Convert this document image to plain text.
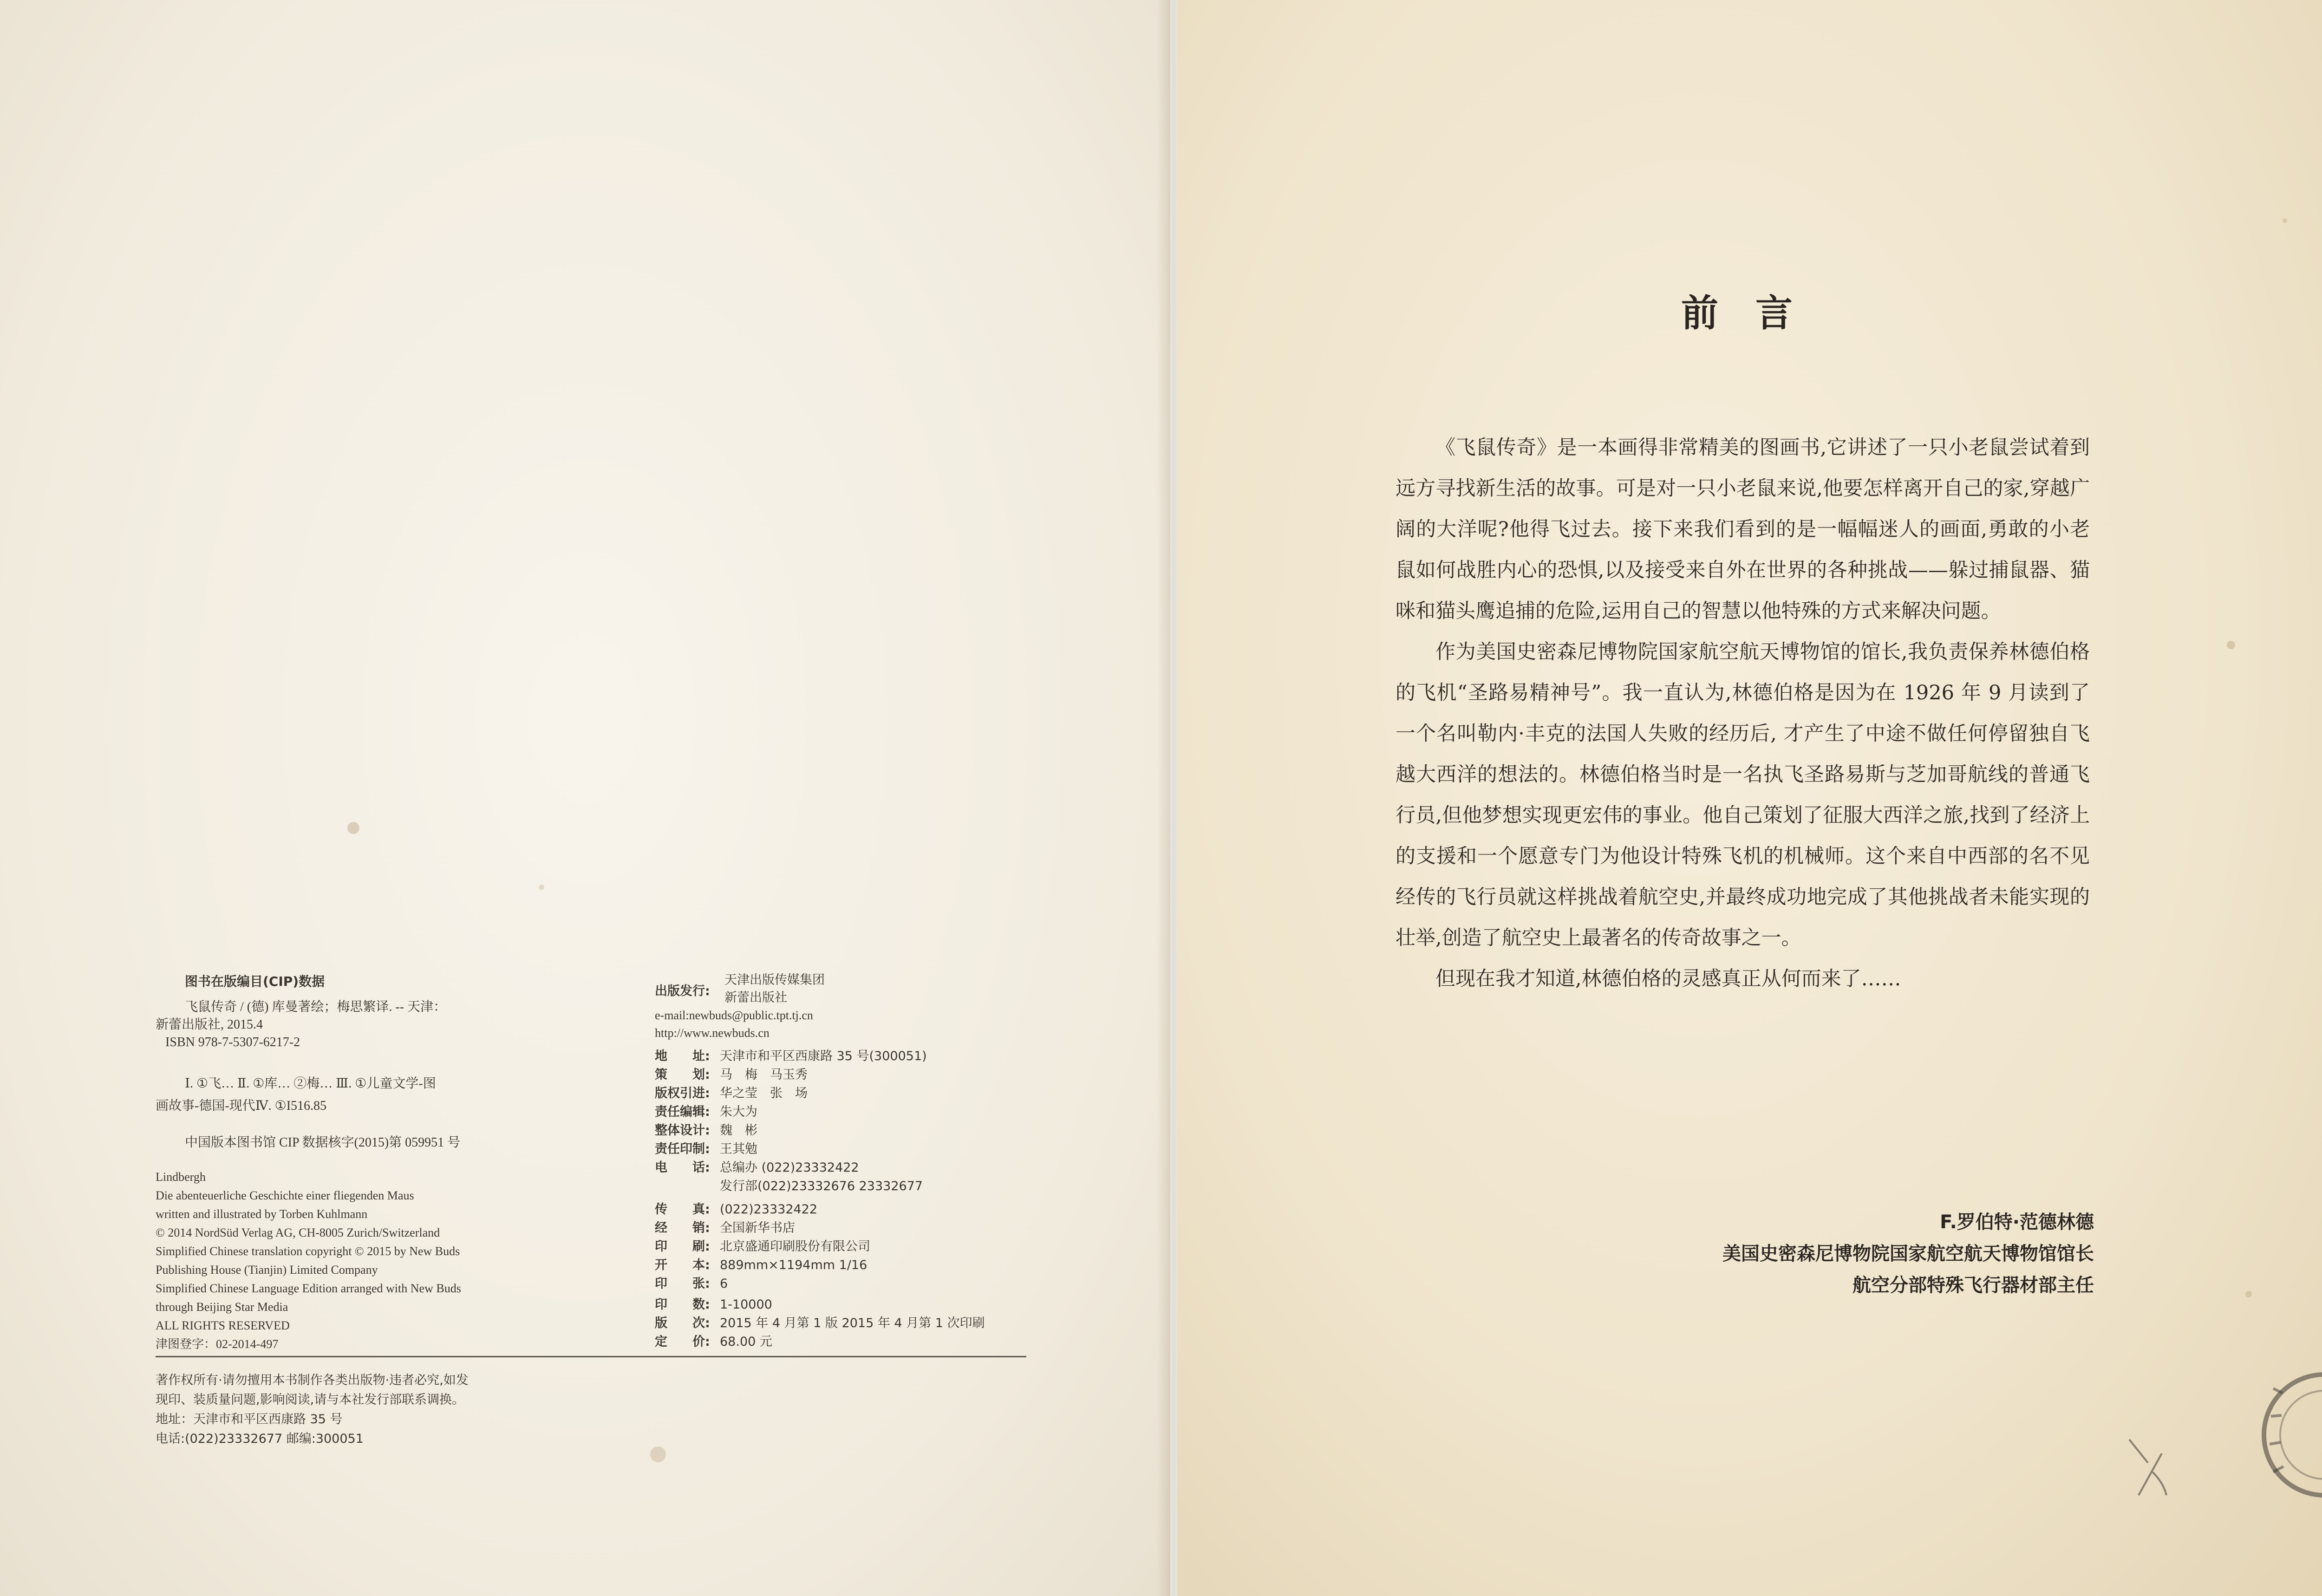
图书在版编目(CIP)数据
飞鼠传奇 / (德) 库曼著绘；梅思繁译. -- 天津：
新蕾出版社, 2015.4
ISBN 978-7-5307-6217-2
Ⅰ. ①飞… Ⅱ. ①库… ②梅… Ⅲ. ①儿童文学-图
画故事-德国-现代Ⅳ. ①I516.85
中国版本图书馆 CIP 数据核字(2015)第 059951 号
Lindbergh
Die abenteuerliche Geschichte einer fliegenden Maus
written and illustrated by Torben Kuhlmann
© 2014 NordSüd Verlag AG, CH-8005 Zurich/Switzerland
Simplified Chinese translation copyright © 2015 by New Buds
Publishing House (Tianjin) Limited Company
Simplified Chinese Language Edition arranged with New Buds
through Beijing Star Media
ALL RIGHTS RESERVED
津图登字：02-2014-497
出版发行:
天津出版传媒集团
新蕾出版社
e-mail:newbuds@public.tpt.tj.cn
http://www.newbuds.cn
地　　址: 天津市和平区西康路 35 号(300051)
策　　划: 马　梅　马玉秀
版权引进: 华之莹　张　场
责任编辑: 朱大为
整体设计: 魏　彬
责任印制: 王其勉
电　　话: 总编办 (022)23332422
发行部(022)23332676 23332677
传　　真: (022)23332422
经　　销: 全国新华书店
印　　刷: 北京盛通印刷股份有限公司
开　　本: 889mm×1194mm 1/16
印　　张: 6
印　　数: 1-10000
版　　次: 2015 年 4 月第 1 版 2015 年 4 月第 1 次印刷
定　　价: 68.00 元
著作权所有·请勿擅用本书制作各类出版物·违者必究,如发
现印、装质量问题,影响阅读,请与本社发行部联系调换。
地址：天津市和平区西康路 35 号
电话:(022)23332677 邮编:300051
前　言

《飞鼠传奇》是一本画得非常精美的图画书,它讲述了一只小老鼠尝试着到远方寻找新生活的故事。可是对一只小老鼠来说,他要怎样离开自己的家,穿越广阔的大洋呢?他得飞过去。接下来我们看到的是一幅幅迷人的画面,勇敢的小老鼠如何战胜内心的恐惧,以及接受来自外在世界的各种挑战——躲过捕鼠器、猫咪和猫头鹰追捕的危险,运用自己的智慧以他特殊的方式来解决问题。

作为美国史密森尼博物院国家航空航天博物馆的馆长,我负责保养林德伯格的飞机“圣路易精神号”。我一直认为,林德伯格是因为在 1926 年 9 月读到了一个名叫勒内·丰克的法国人失败的经历后, 才产生了中途不做任何停留独自飞越大西洋的想法的。林德伯格当时是一名执飞圣路易斯与芝加哥航线的普通飞行员,但他梦想实现更宏伟的事业。他自己策划了征服大西洋之旅,找到了经济上的支援和一个愿意专门为他设计特殊飞机的机械师。这个来自中西部的名不见经传的飞行员就这样挑战着航空史,并最终成功地完成了其他挑战者未能实现的壮举,创造了航空史上最著名的传奇故事之一。

但现在我才知道,林德伯格的灵感真正从何而来了……

F.罗伯特·范德林德
美国史密森尼博物院国家航空航天博物馆馆长
航空分部特殊飞行器材部主任
